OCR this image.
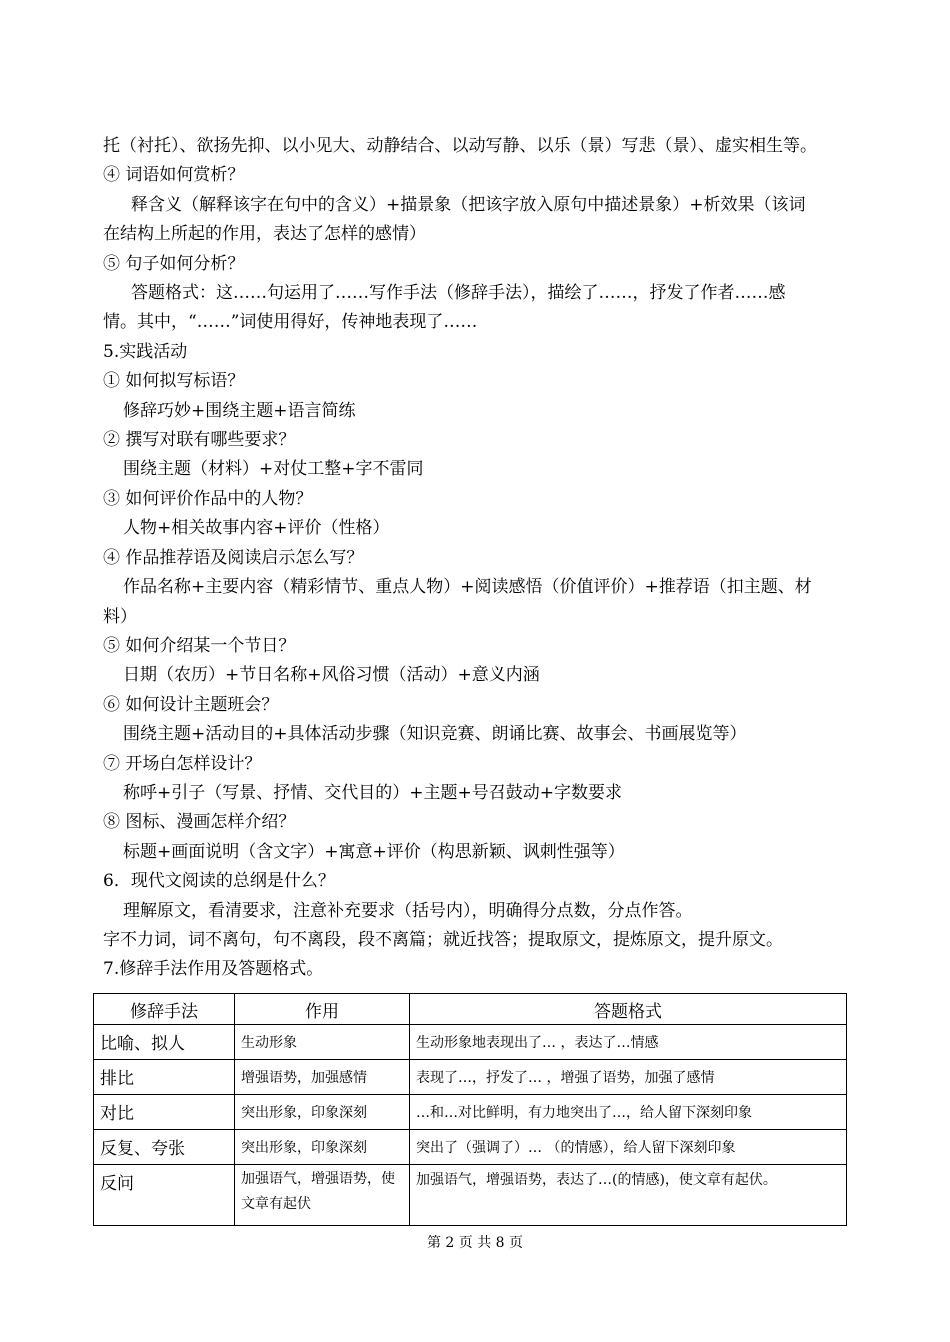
托（衬托）、欲扬先抑、以小见大、动静结合、以动写静、以乐（景）写悲（景）、虚实相生等。
④ 词语如何赏析？
释含义（解释该字在句中的含义）+描景象（把该字放入原句中描述景象）+析效果（该词
在结构上所起的作用，表达了怎样的感情）
⑤ 句子如何分析？
答题格式：这……句运用了……写作手法（修辞手法），描绘了……，抒发了作者……感
情。其中，“……”词使用得好，传神地表现了……
5.实践活动
① 如何拟写标语？
修辞巧妙+围绕主题+语言简练
② 撰写对联有哪些要求？
围绕主题（材料）+对仗工整+字不雷同
③ 如何评价作品中的人物？
人物+相关故事内容+评价（性格）
④ 作品推荐语及阅读启示怎么写？
作品名称+主要内容（精彩情节、重点人物）+阅读感悟（价值评价）+推荐语（扣主题、材
料）
⑤ 如何介绍某一个节日？
日期（农历）+节日名称+风俗习惯（活动）+意义内涵
⑥ 如何设计主题班会？
围绕主题+活动目的+具体活动步骤（知识竞赛、朗诵比赛、故事会、书画展览等）
⑦ 开场白怎样设计？
称呼+引子（写景、抒情、交代目的）+主题+号召鼓动+字数要求
⑧ 图标、漫画怎样介绍？
标题+画面说明（含文字）+寓意+评价（构思新颖、讽刺性强等）
6．现代文阅读的总纲是什么？
理解原文，看清要求，注意补充要求（括号内），明确得分点数，分点作答。
字不力词，词不离句，句不离段，段不离篇；就近找答；提取原文，提炼原文，提升原文。
7.修辞手法作用及答题格式。
修辞手法	作用	答题格式
比喻、拟人	生动形象	生动形象地表现出了… ，表达了…情感
排比	增强语势，加强感情	表现了…，抒发了… ，增强了语势，加强了感情
对比	突出形象，印象深刻	…和…对比鲜明，有力地突出了…，给人留下深刻印象
反复、夸张	突出形象，印象深刻	突出了（强调了）… （的情感），给人留下深刻印象
反问	加强语气，增强语势，使文章有起伏	加强语气，增强语势，表达了…(的情感)，使文章有起伏。
第 2 页 共 8 页
